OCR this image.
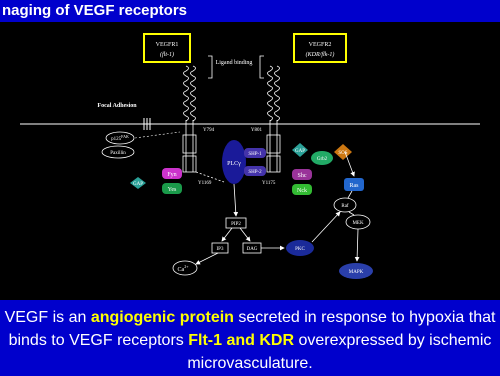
naging of VEGF receptors
VEGFR1
(flt-1)
VEGFR2
(KDR/flk-1)
Ligand binding
Focal Adhesion
$p125^{FAK}$
Paxillin
Y794	Y801
Y1169	Y1175
Fyn
GAP
Yes
PLCγ
SHP-1
SHP-2
GAP
Grb2
SOS
Shc
Nck
Ras
Raf
MEK
PIP2
IP3	DAG	PKC
$Ca^{2+}$
MAPK
VEGF is an angiogenic protein secreted in response to hypoxia that binds to VEGF receptors Flt-1 and KDR overexpressed by ischemic microvasculature.
